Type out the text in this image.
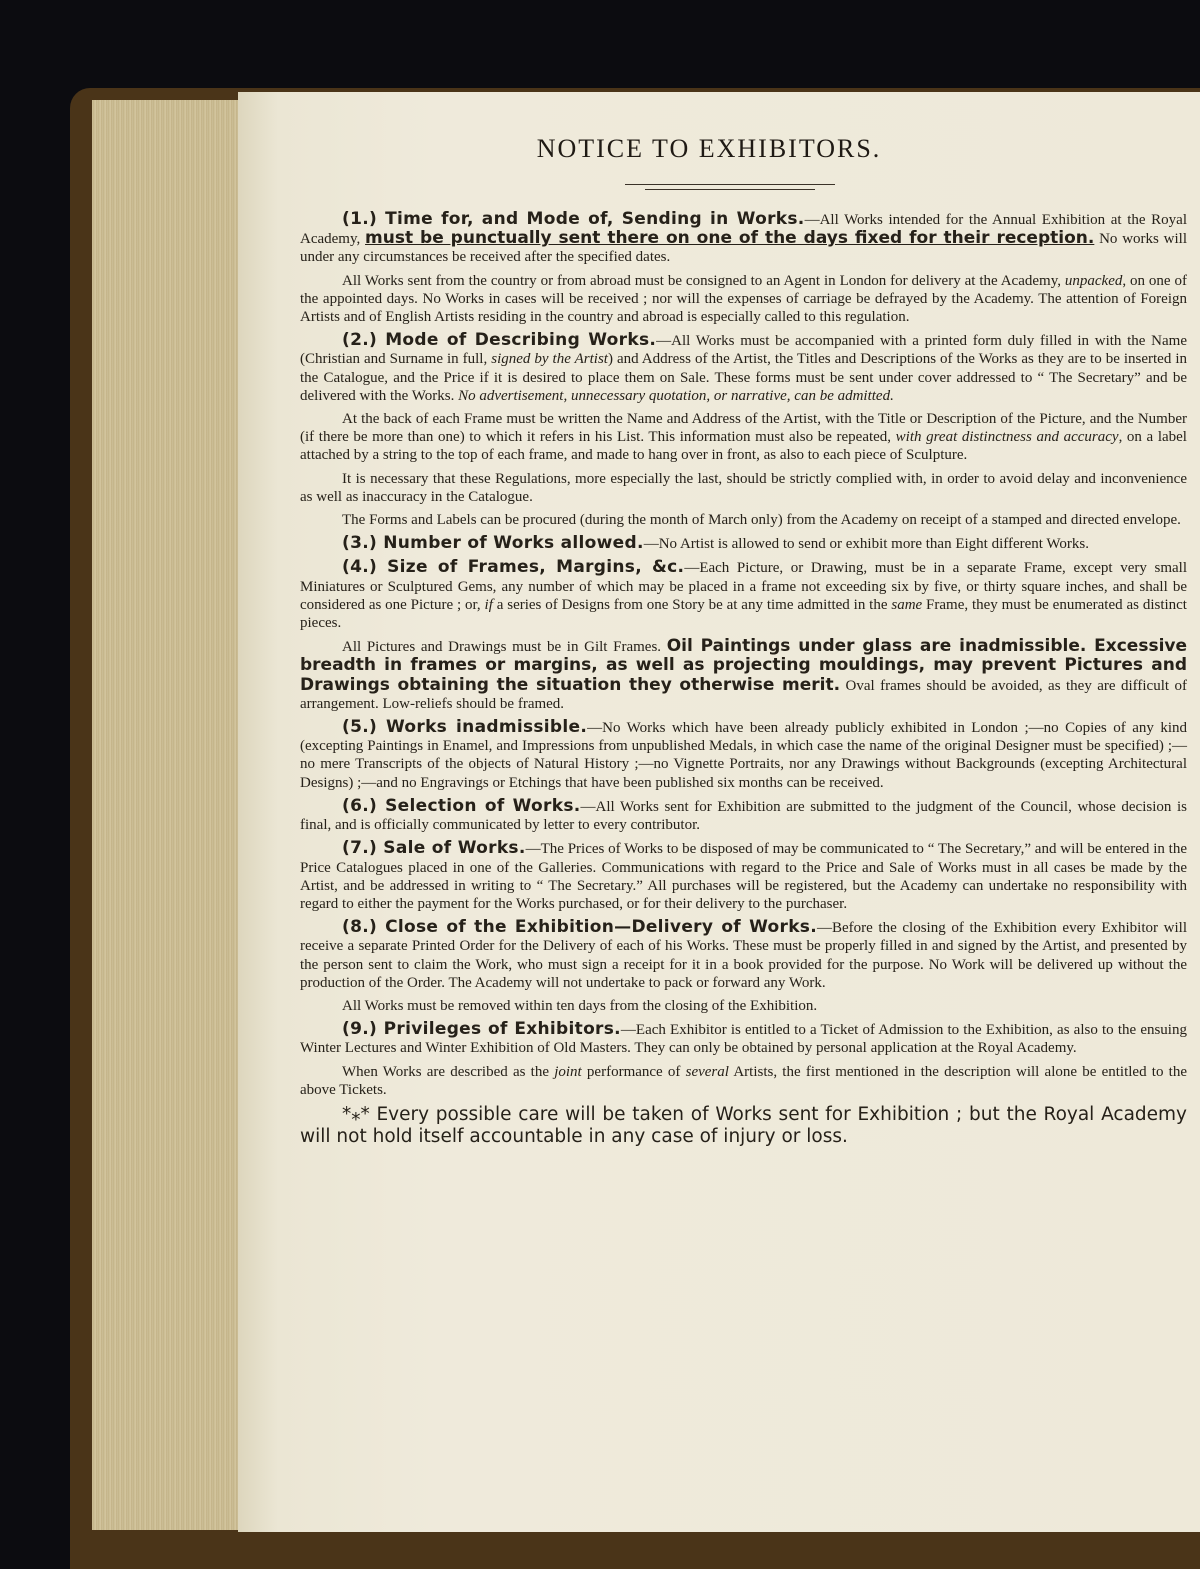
NOTICE TO EXHIBITORS.

(1.) Time for, and Mode of, Sending in Works.—All Works intended for the Annual Exhibition at the Royal Academy, must be punctually sent there on one of the days fixed for their reception. No works will under any circumstances be received after the specified dates.

All Works sent from the country or from abroad must be consigned to an Agent in London for delivery at the Academy, unpacked, on one of the appointed days. No Works in cases will be received ; nor will the expenses of carriage be defrayed by the Academy. The attention of Foreign Artists and of English Artists residing in the country and abroad is especially called to this regulation.

(2.) Mode of Describing Works.—All Works must be accompanied with a printed form duly filled in with the Name (Christian and Surname in full, signed by the Artist) and Address of the Artist, the Titles and Descriptions of the Works as they are to be inserted in the Catalogue, and the Price if it is desired to place them on Sale. These forms must be sent under cover addressed to “ The Secretary” and be delivered with the Works. No advertisement, unnecessary quotation, or narrative, can be admitted.

At the back of each Frame must be written the Name and Address of the Artist, with the Title or Description of the Picture, and the Number (if there be more than one) to which it refers in his List. This information must also be repeated, with great distinctness and accuracy, on a label attached by a string to the top of each frame, and made to hang over in front, as also to each piece of Sculpture.

It is necessary that these Regulations, more especially the last, should be strictly complied with, in order to avoid delay and inconvenience as well as inaccuracy in the Catalogue.

The Forms and Labels can be procured (during the month of March only) from the Academy on receipt of a stamped and directed envelope.

(3.) Number of Works allowed.—No Artist is allowed to send or exhibit more than Eight different Works.

(4.) Size of Frames, Margins, &c.—Each Picture, or Drawing, must be in a separate Frame, except very small Miniatures or Sculptured Gems, any number of which may be placed in a frame not exceeding six by five, or thirty square inches, and shall be considered as one Picture ; or, if a series of Designs from one Story be at any time admitted in the same Frame, they must be enumerated as distinct pieces.

All Pictures and Drawings must be in Gilt Frames. Oil Paintings under glass are inadmissible. Excessive breadth in frames or margins, as well as projecting mouldings, may prevent Pictures and Drawings obtaining the situation they otherwise merit. Oval frames should be avoided, as they are difficult of arrangement. Low-reliefs should be framed.

(5.) Works inadmissible.—No Works which have been already publicly exhibited in London ;—no Copies of any kind (excepting Paintings in Enamel, and Impressions from unpublished Medals, in which case the name of the original Designer must be specified) ;—no mere Transcripts of the objects of Natural History ;—no Vignette Portraits, nor any Drawings without Backgrounds (excepting Architectural Designs) ;—and no Engravings or Etchings that have been published six months can be received.

(6.) Selection of Works.—All Works sent for Exhibition are submitted to the judgment of the Council, whose decision is final, and is officially communicated by letter to every contributor.

(7.) Sale of Works.—The Prices of Works to be disposed of may be communicated to “ The Secretary,” and will be entered in the Price Catalogues placed in one of the Galleries. Communications with regard to the Price and Sale of Works must in all cases be made by the Artist, and be addressed in writing to “ The Secretary.” All purchases will be registered, but the Academy can undertake no responsibility with regard to either the payment for the Works purchased, or for their delivery to the purchaser.

(8.) Close of the Exhibition—Delivery of Works.—Before the closing of the Exhibition every Exhibitor will receive a separate Printed Order for the Delivery of each of his Works. These must be properly filled in and signed by the Artist, and presented by the person sent to claim the Work, who must sign a receipt for it in a book provided for the purpose. No Work will be delivered up without the production of the Order. The Academy will not undertake to pack or forward any Work.

All Works must be removed within ten days from the closing of the Exhibition.

(9.) Privileges of Exhibitors.—Each Exhibitor is entitled to a Ticket of Admission to the Exhibition, as also to the ensuing Winter Lectures and Winter Exhibition of Old Masters. They can only be obtained by personal application at the Royal Academy.

When Works are described as the joint performance of several Artists, the first mentioned in the description will alone be entitled to the above Tickets.

*⁎* Every possible care will be taken of Works sent for Exhibition ; but the Royal Academy will not hold itself accountable in any case of injury or loss.
